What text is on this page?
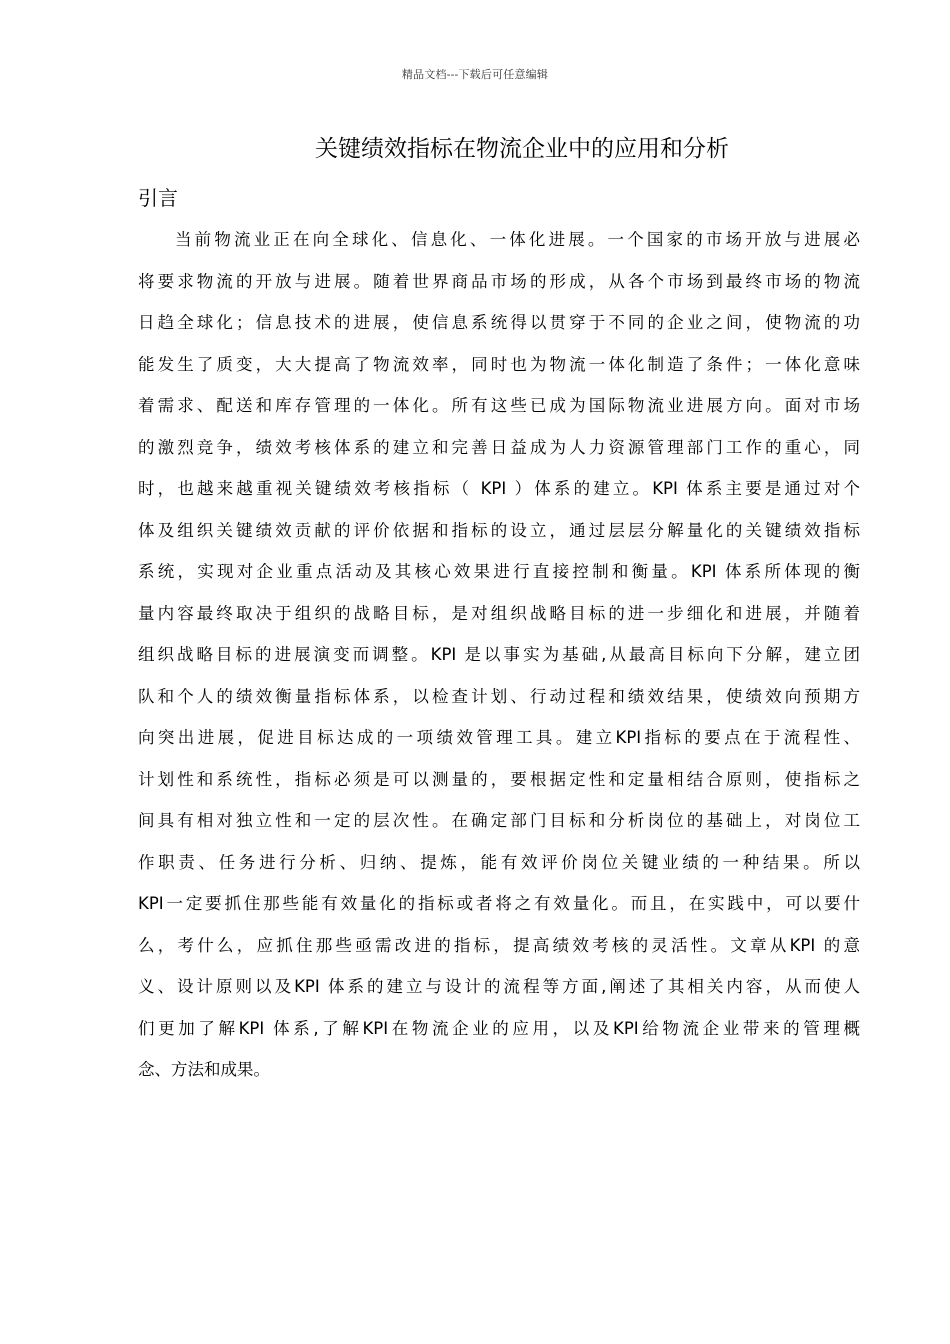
精品文档---下载后可任意编辑
关键绩效指标在物流企业中的应用和分析
引言
当前物流业正在向全球化、信息化、一体化进展。一个国家的市场开放与进展必
将要求物流的开放与进展。随着世界商品市场的形成，从各个市场到最终市场的物流
日趋全球化；信息技术的进展，使信息系统得以贯穿于不同的企业之间，使物流的功
能发生了质变，大大提高了物流效率，同时也为物流一体化制造了条件；一体化意味
着需求、配送和库存管理的一体化。所有这些已成为国际物流业进展方向。面对市场
的激烈竞争，绩效考核体系的建立和完善日益成为人力资源管理部门工作的重心，同
时，也越来越重视关键绩效考核指标（ KPI ）体系的建立。KPI 体系主要是通过对个
体及组织关键绩效贡献的评价依据和指标的设立，通过层层分解量化的关键绩效指标
系统，实现对企业重点活动及其核心效果进行直接控制和衡量。KPI 体系所体现的衡
量内容最终取决于组织的战略目标，是对组织战略目标的进一步细化和进展，并随着
组织战略目标的进展演变而调整。KPI 是以事实为基础,从最高目标向下分解，建立团
队和个人的绩效衡量指标体系，以检查计划、行动过程和绩效结果，使绩效向预期方
向突出进展，促进目标达成的一项绩效管理工具。建立KPI指标的要点在于流程性、
计划性和系统性，指标必须是可以测量的，要根据定性和定量相结合原则，使指标之
间具有相对独立性和一定的层次性。在确定部门目标和分析岗位的基础上，对岗位工
作职责、任务进行分析、归纳、提炼，能有效评价岗位关键业绩的一种结果。所以
KPI一定要抓住那些能有效量化的指标或者将之有效量化。而且，在实践中，可以要什
么，考什么，应抓住那些亟需改进的指标，提高绩效考核的灵活性。文章从KPI 的意
义、设计原则以及KPI 体系的建立与设计的流程等方面,阐述了其相关内容，从而使人
们更加了解KPI 体系,了解KPI在物流企业的应用，以及KPI给物流企业带来的管理概
念、方法和成果。
